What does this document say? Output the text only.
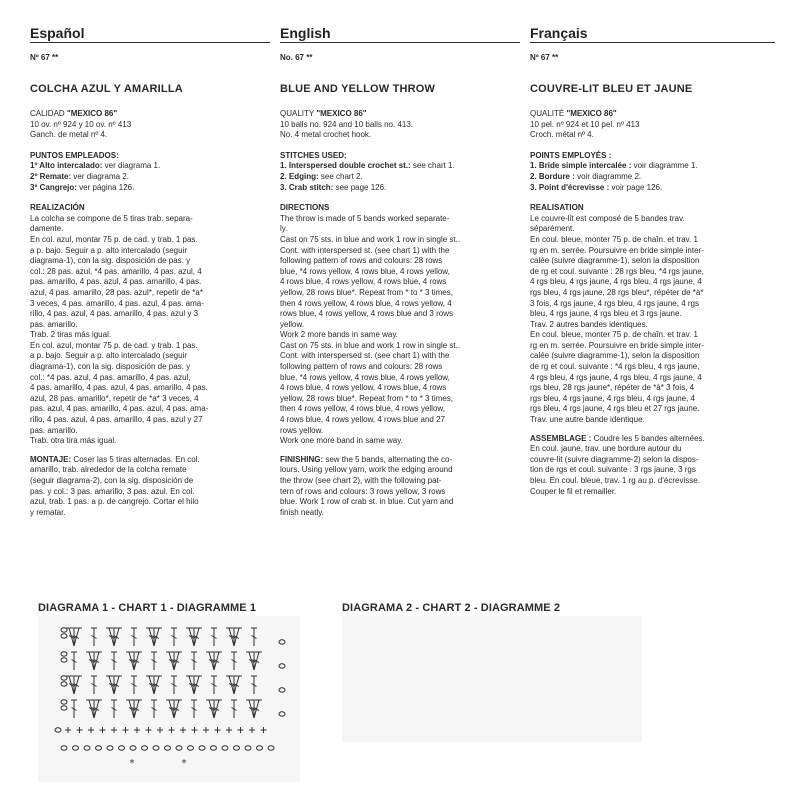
Español
Nº 67 **
COLCHA AZUL Y AMARILLA
CALIDAD "MEXICO 86"
10 ov. nº 924 y 10 ov. nº 413
Ganch. de metal nº 4.
PUNTOS EMPLEADOS:

1º Alto intercalado: ver diagrama 1.

2º Remate: ver diagrama 2.

3º Cangrejo: ver página 126.

REALIZACIÓN

La colcha se compone de 5 tiras trab. separa-

damente.

En col. azul, montar 75 p. de cad. y trab. 1 pas.

a p. bajo. Seguir a p. alto intercalado (seguir

diagrama-1), con la sig. disposición de pas. y

col.: 28 pas. azul, *4 pas. amarillo, 4 pas. azul, 4

pas. amarillo, 4 pas. azul, 4 pas. amarillo, 4 pas.

azul, 4 pas. amarillo, 28 pas. azul*, repetir de *a*

3 veces, 4 pas. amarillo, 4 pas. azul, 4 pas. ama-

rillo, 4 pas. azul, 4 pas. amarillo, 4 pas. azul y 3

pas. amarillo.

Trab. 2 tiras más igual.

En col. azul, montar 75 p. de cad. y trab. 1 pas.

a p. bajo. Seguir a p. alto intercalado (seguir

diagrama-1), con la sig. disposición de pas. y

col.: *4 pas. azul, 4 pas. amarillo, 4 pas. azul,

4 pas. amarillo, 4 pas. azul, 4 pas. amarillo, 4 pas.

azul, 28 pas. amarillo*, repetir de *a* 3 veces, 4

pas. azul, 4 pas. amarillo, 4 pas. azul, 4 pas. ama-

rillo, 4 pas. azul, 4 pas. amarillo, 4 pas. azul y 27

pas. amarillo.

Trab. otra tira más igual.

MONTAJE: Coser las 5 tiras alternadas. En col.

amarillo, trab. alrededor de la colcha remate

(seguir diagrama-2), con la sig. disposición de

pas. y col.: 3 pas. amarillo, 3 pas. azul. En col.

azul, trab. 1 pas. a p. de cangrejo. Cortar el hilo

y rematar.

English
No. 67 **
BLUE AND YELLOW THROW
QUALITY "MEXICO 86"
10 balls no. 924 and 10 balls no. 413.
No. 4 metal crochet hook.
STITCHES USED:

1. Interspersed double crochet st.: see chart 1.

2. Edging: see chart 2.

3. Crab stitch: see page 126.

DIRECTIONS

The throw is made of 5 bands worked separate-

ly.

Cast on 75 sts. in blue and work 1 row in single st..

Cont. with interspersed st. (see chart 1) with the

following pattern of rows and colours: 28 rows

blue, *4 rows yellow, 4 rows blue, 4 rows yellow,

4 rows blue, 4 rows yellow, 4 rows blue, 4 rows

yellow, 28 rows blue*. Repeat from * to * 3 times,

then 4 rows yellow, 4 rows blue, 4 rows yellow, 4

rows blue, 4 rows yellow, 4 rows blue and 3 rows

yellow.

Work 2 more bands in same way.

Cast on 75 sts. in blue and work 1 row in single st..

Cont. with interspersed st. (see chart 1) with the

following pattern of rows and colours: 28 rows

blue, *4 rows yellow, 4 rows blue, 4 rows yellow,

4 rows blue, 4 rows yellow, 4 rows blue, 4 rows

yellow, 28 rows blue*. Repeat from * to * 3 times,

then 4 rows yellow, 4 rows blue, 4 rows yellow,

4 rows blue, 4 rows yellow, 4 rows blue and 27

rows yellow.

Work one more band in same way.

FINISHING: sew the 5 bands, alternating the co-

lours. Using yellow yarn, work the edging around

the throw (see chart 2), with the following pat-

tern of rows and colours: 3 rows yellow, 3 rows

blue. Work 1 row of crab st. in blue. Cut yarn and

finish neatly.

Français
Nº 67 **
COUVRE-LIT BLEU ET JAUNE
QUALITÉ "MEXICO 86"
10 pel. nº 924 et 10 pel. nº 413
Croch. métal nº 4.
POINTS EMPLOYÉS :

1. Bride simple intercalée : voir diagramme 1.

2. Bordure : voir diagramme 2.

3. Point d'écrevisse : voir page 126.

REALISATION

Le couvre-lit est composé de 5 bandes trav.

séparément.

En coul. bleue, monter 75 p. de chaîn. et trav. 1

rg en m. serrée. Poursuivre en bride simple inter-

calée (suivre diagramme-1), selon la disposition

de rg et coul. suivante : 28 rgs bleu, *4 rgs jaune,

4 rgs bleu, 4 rgs jaune, 4 rgs bleu, 4 rgs jaune, 4

rgs bleu, 4 rgs jaune, 28 rgs bleu*, répéter de *à*

3 fois, 4 rgs jaune, 4 rgs bleu, 4 rgs jaune, 4 rgs

bleu, 4 rgs jaune, 4 rgs bleu et 3 rgs jaune.

Trav. 2 autres bandes identiques.

En coul. bleue, monter 75 p. de chaîn. et trav. 1

rg en m. serrée. Poursuivre en bride simple inter-

calée (suivre diagramme-1), selon la disposition

de rg et coul. suivante : *4 rgs bleu, 4 rgs jaune,

4 rgs bleu, 4 rgs jaune, 4 rgs bleu, 4 rgs jaune, 4

rgs bleu, 28 rgs jaune*, répéter de *à* 3 fois, 4

rgs bleu, 4 rgs jaune, 4 rgs bleu, 4 rgs jaune, 4

rgs bleu, 4 rgs jaune, 4 rgs bleu et 27 rgs jaune.

Trav. une autre bande identique.

ASSEMBLAGE : Coudre les 5 bandes alternées.

En coul. jaune, trav. une bordure autour du

couvre-lit (suivre diagramme-2) selon la dispos-

tion de rgs et coul. suivante : 3 rgs jaune, 3 rgs

bleu. En coul. bleue, trav. 1 rg au p. d'écrevisse.

Couper le fil et remailler.

DIAGRAMA 1 - CHART 1 - DIAGRAMME 1
*	*
DIAGRAMA 2 - CHART 2 - DIAGRAMME 2
